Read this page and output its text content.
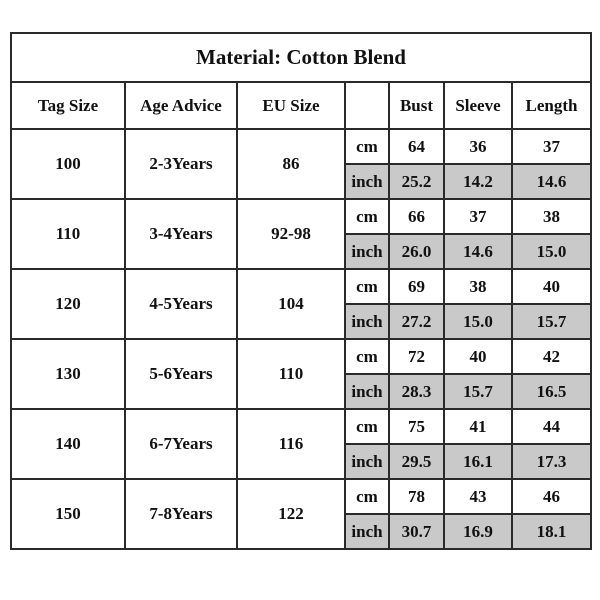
Material: Cotton Blend						
Tag Size	Age Advice	EU Size		Bust	Sleeve	Length
100	2-3Years	86	cm	64	36	37
			inch	25.2	14.2	14.6
110	3-4Years	92-98	cm	66	37	38
			inch	26.0	14.6	15.0
120	4-5Years	104	cm	69	38	40
			inch	27.2	15.0	15.7
130	5-6Years	110	cm	72	40	42
			inch	28.3	15.7	16.5
140	6-7Years	116	cm	75	41	44
			inch	29.5	16.1	17.3
150	7-8Years	122	cm	78	43	46
			inch	30.7	16.9	18.1
